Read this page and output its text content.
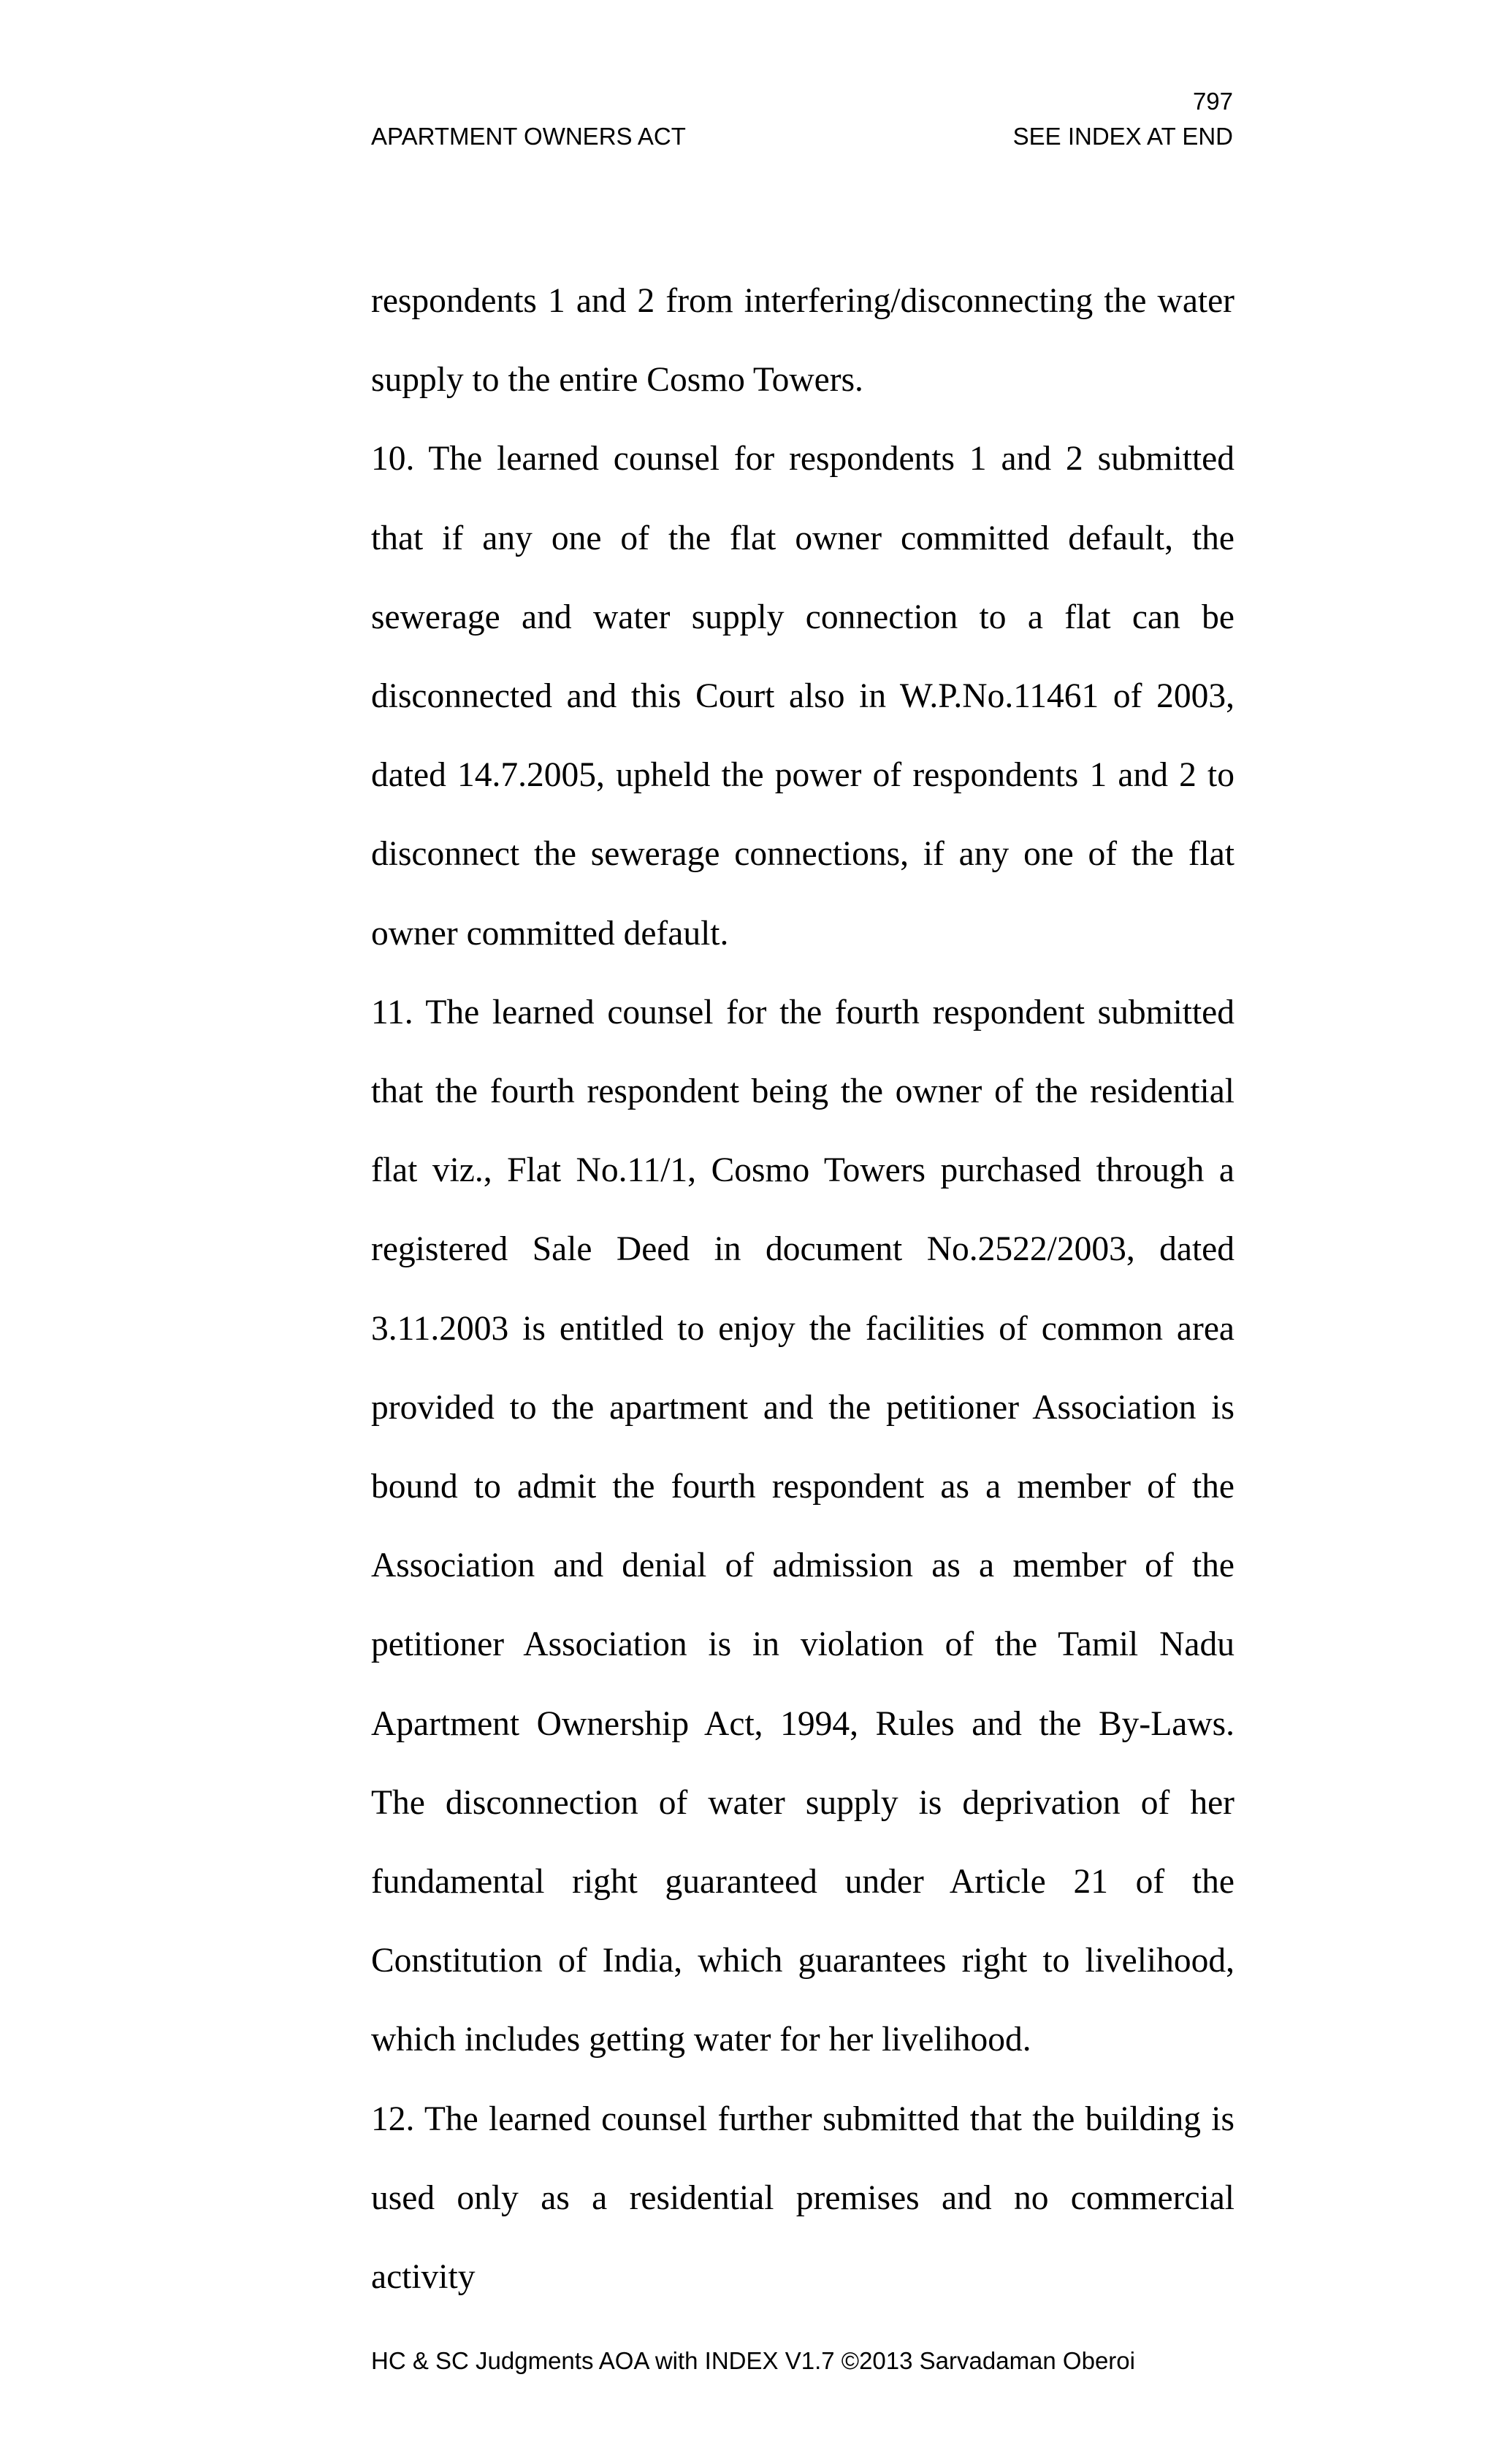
797
APARTMENT OWNERS ACT	SEE INDEX AT END

respondents 1 and 2 from interfering/disconnecting the water supply to the entire Cosmo Towers.

10. The learned counsel for respondents 1 and 2 submitted that if any one of the flat owner committed default, the sewerage and water supply connection to a flat can be disconnected and this Court also in W.P.No.11461 of 2003, dated 14.7.2005, upheld the power of respondents 1 and 2 to disconnect the sewerage connections, if any one of the flat owner committed default.

11. The learned counsel for the fourth respondent submitted that the fourth respondent being the owner of the residential flat viz., Flat No.11/1, Cosmo Towers purchased through a registered Sale Deed in document No.2522/2003, dated 3.11.2003 is entitled to enjoy the facilities of common area provided to the apartment and the petitioner Association is bound to admit the fourth respondent as a member of the Association and denial of admission as a member of the petitioner Association is in violation of the Tamil Nadu Apartment Ownership Act, 1994, Rules and the By-Laws. The disconnection of water supply is deprivation of her fundamental right guaranteed under Article 21 of the Constitution of India, which guarantees right to livelihood, which includes getting water for her livelihood.

12. The learned counsel further submitted that the building is used only as a residential premises and no commercial activity

HC & SC Judgments AOA with INDEX V1.7 ©2013 Sarvadaman Oberoi
